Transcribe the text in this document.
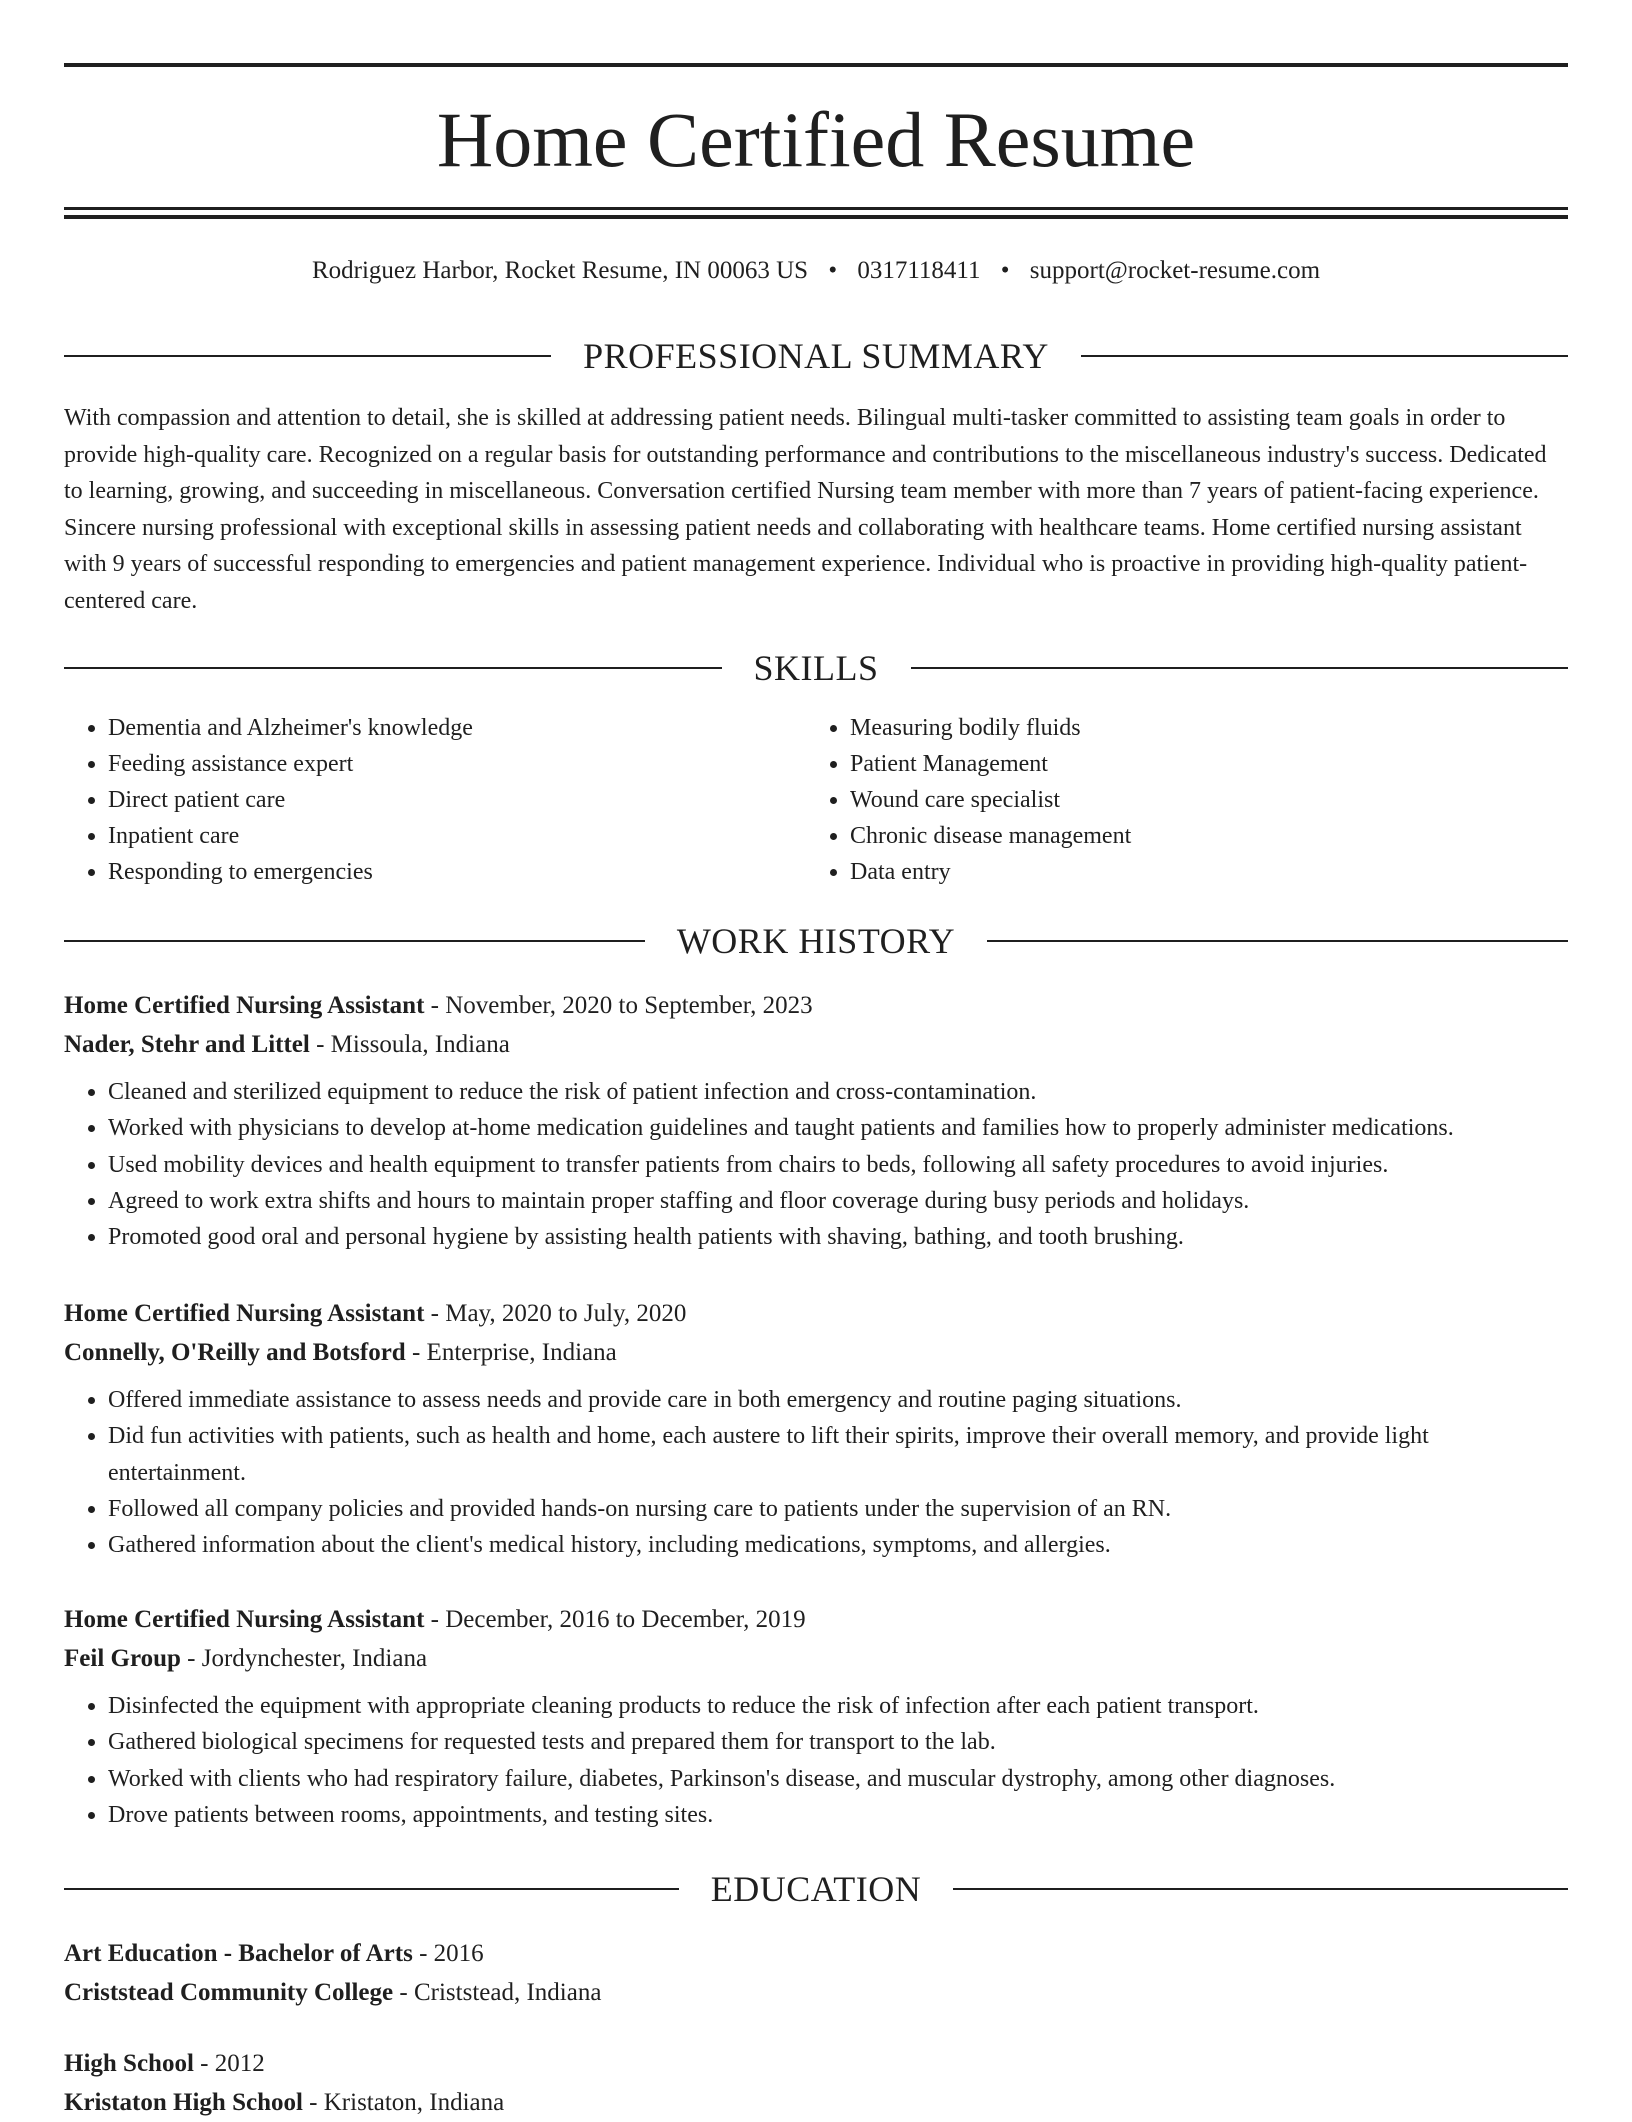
Home Certified Resume
Rodriguez Harbor, Rocket Resume, IN 00063 US • 0317118411 • support@rocket-resume.com
PROFESSIONAL SUMMARY
With compassion and attention to detail, she is skilled at addressing patient needs. Bilingual multi-tasker committed to assisting team goals in order to provide high-quality care. Recognized on a regular basis for outstanding performance and contributions to the miscellaneous industry's success. Dedicated to learning, growing, and succeeding in miscellaneous. Conversation certified Nursing team member with more than 7 years of patient-facing experience. Sincere nursing professional with exceptional skills in assessing patient needs and collaborating with healthcare teams. Home certified nursing assistant with 9 years of successful responding to emergencies and patient management experience. Individual who is proactive in providing high-quality patient-centered care.
SKILLS
• Dementia and Alzheimer's knowledge
• Feeding assistance expert
• Direct patient care
• Inpatient care
• Responding to emergencies
• Measuring bodily fluids
• Patient Management
• Wound care specialist
• Chronic disease management
• Data entry
WORK HISTORY
Home Certified Nursing Assistant - November, 2020 to September, 2023
Nader, Stehr and Littel - Missoula, Indiana
• Cleaned and sterilized equipment to reduce the risk of patient infection and cross-contamination.
• Worked with physicians to develop at-home medication guidelines and taught patients and families how to properly administer medications.
• Used mobility devices and health equipment to transfer patients from chairs to beds, following all safety procedures to avoid injuries.
• Agreed to work extra shifts and hours to maintain proper staffing and floor coverage during busy periods and holidays.
• Promoted good oral and personal hygiene by assisting health patients with shaving, bathing, and tooth brushing.
Home Certified Nursing Assistant - May, 2020 to July, 2020
Connelly, O'Reilly and Botsford - Enterprise, Indiana
• Offered immediate assistance to assess needs and provide care in both emergency and routine paging situations.
• Did fun activities with patients, such as health and home, each austere to lift their spirits, improve their overall memory, and provide light entertainment.
• Followed all company policies and provided hands-on nursing care to patients under the supervision of an RN.
• Gathered information about the client's medical history, including medications, symptoms, and allergies.
Home Certified Nursing Assistant - December, 2016 to December, 2019
Feil Group - Jordynchester, Indiana
• Disinfected the equipment with appropriate cleaning products to reduce the risk of infection after each patient transport.
• Gathered biological specimens for requested tests and prepared them for transport to the lab.
• Worked with clients who had respiratory failure, diabetes, Parkinson's disease, and muscular dystrophy, among other diagnoses.
• Drove patients between rooms, appointments, and testing sites.
EDUCATION
Art Education - Bachelor of Arts - 2016
Criststead Community College - Criststead, Indiana
High School - 2012
Kristaton High School - Kristaton, Indiana
